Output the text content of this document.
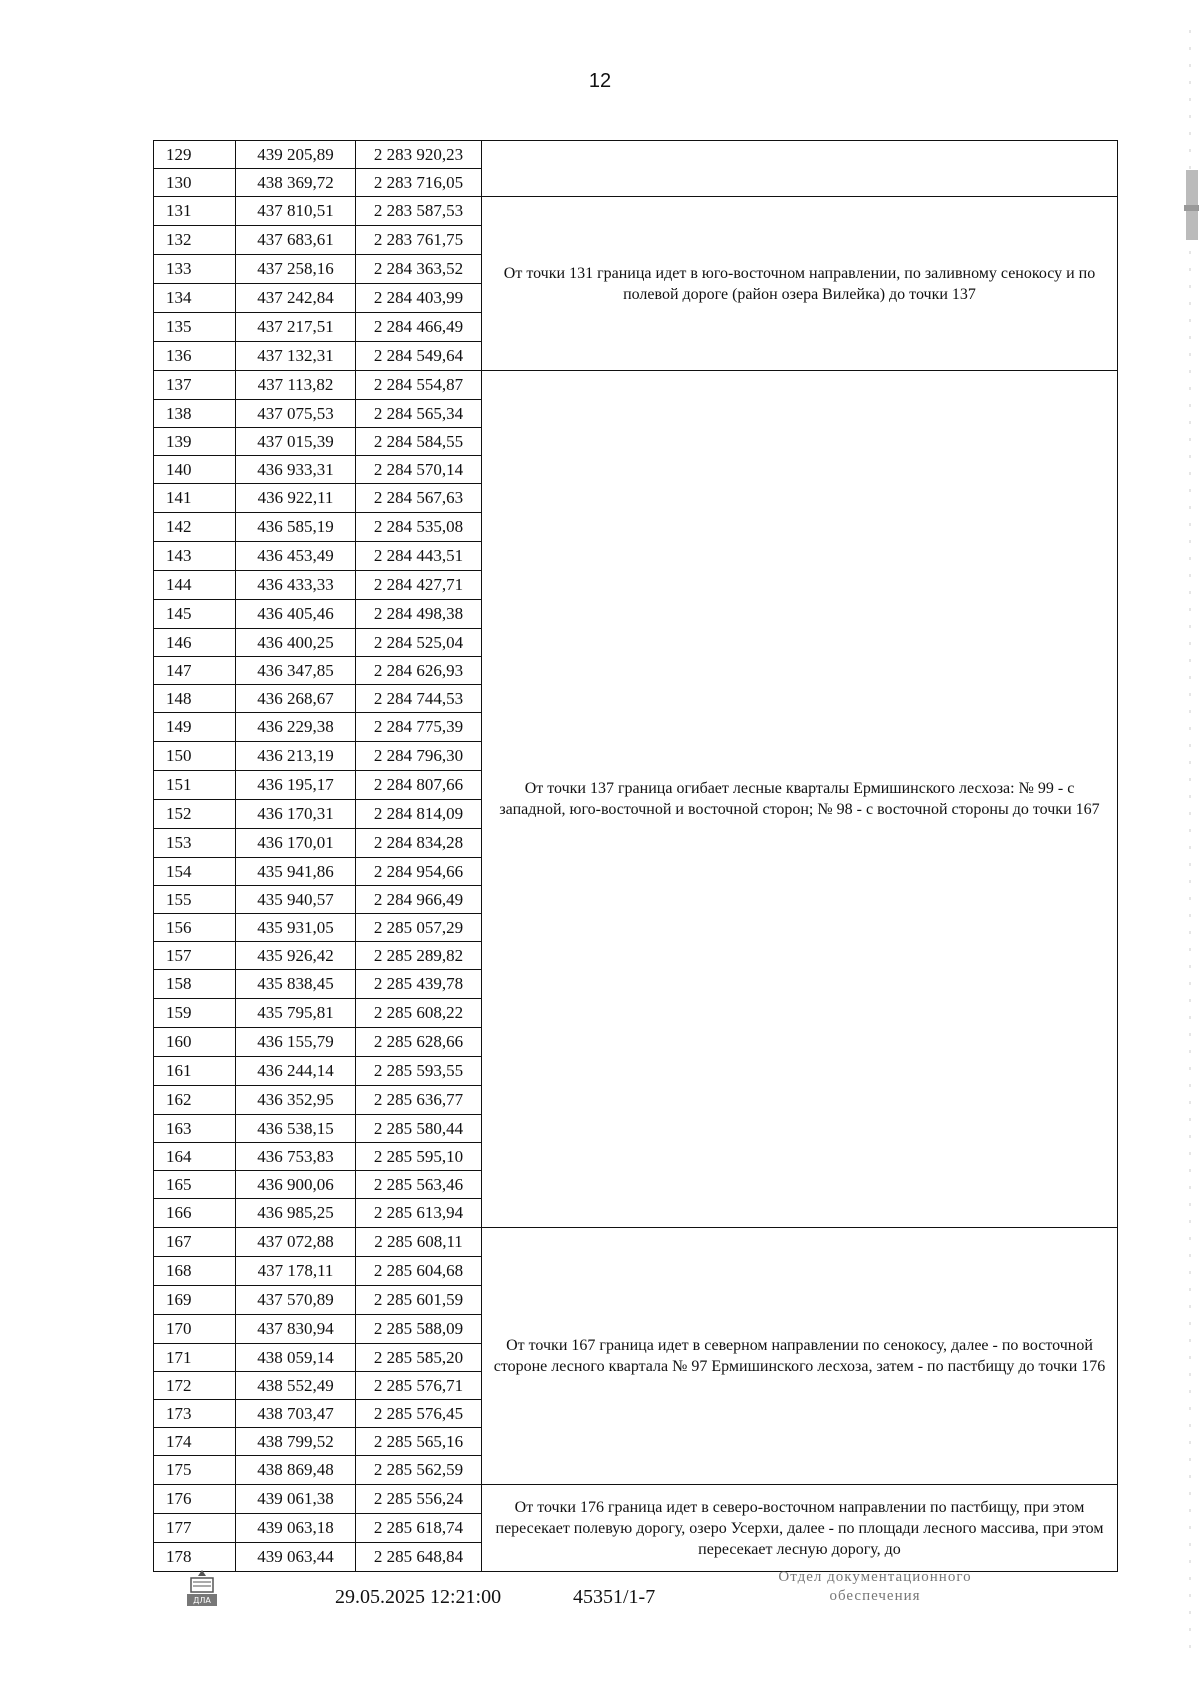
12
129	439 205,89	2 283 920,23	
130	438 369,72	2 283 716,05	
131	437 810,51	2 283 587,53	От точки 131 граница идет в юго-восточном направлении, по заливному сенокосу и по полевой дороге (район озера Вилейка) до точки 137
132	437 683,61	2 283 761,75	
133	437 258,16	2 284 363,52	
134	437 242,84	2 284 403,99	
135	437 217,51	2 284 466,49	
136	437 132,31	2 284 549,64	
137	437 113,82	2 284 554,87	От точки 137 граница огибает лесные кварталы Ермишинского лесхоза: № 99 - с западной, юго-восточной и восточной сторон; № 98 - с восточной стороны до точки 167
138	437 075,53	2 284 565,34	
139	437 015,39	2 284 584,55	
140	436 933,31	2 284 570,14	
141	436 922,11	2 284 567,63	
142	436 585,19	2 284 535,08	
143	436 453,49	2 284 443,51	
144	436 433,33	2 284 427,71	
145	436 405,46	2 284 498,38	
146	436 400,25	2 284 525,04	
147	436 347,85	2 284 626,93	
148	436 268,67	2 284 744,53	
149	436 229,38	2 284 775,39	
150	436 213,19	2 284 796,30	
151	436 195,17	2 284 807,66	
152	436 170,31	2 284 814,09	
153	436 170,01	2 284 834,28	
154	435 941,86	2 284 954,66	
155	435 940,57	2 284 966,49	
156	435 931,05	2 285 057,29	
157	435 926,42	2 285 289,82	
158	435 838,45	2 285 439,78	
159	435 795,81	2 285 608,22	
160	436 155,79	2 285 628,66	
161	436 244,14	2 285 593,55	
162	436 352,95	2 285 636,77	
163	436 538,15	2 285 580,44	
164	436 753,83	2 285 595,10	
165	436 900,06	2 285 563,46	
166	436 985,25	2 285 613,94	
167	437 072,88	2 285 608,11	От точки 167 граница идет в северном направлении по сенокосу, далее - по восточной стороне лесного квартала № 97 Ермишинского лесхоза, затем - по пастбищу до точки 176
168	437 178,11	2 285 604,68	
169	437 570,89	2 285 601,59	
170	437 830,94	2 285 588,09	
171	438 059,14	2 285 585,20	
172	438 552,49	2 285 576,71	
173	438 703,47	2 285 576,45	
174	438 799,52	2 285 565,16	
175	438 869,48	2 285 562,59	
176	439 061,38	2 285 556,24	От точки 176 граница идет в северо-восточном направлении по пастбищу, при этом пересекает полевую дорогу, озеро Усерхи, далее - по площади лесного массива, при этом пересекает лесную дорогу, до
177	439 063,18	2 285 618,74	
178	439 063,44	2 285 648,84	
ДЛА	29.05.2025 12:21:00	45351/1-7
Отдел документационного
обеспечения
